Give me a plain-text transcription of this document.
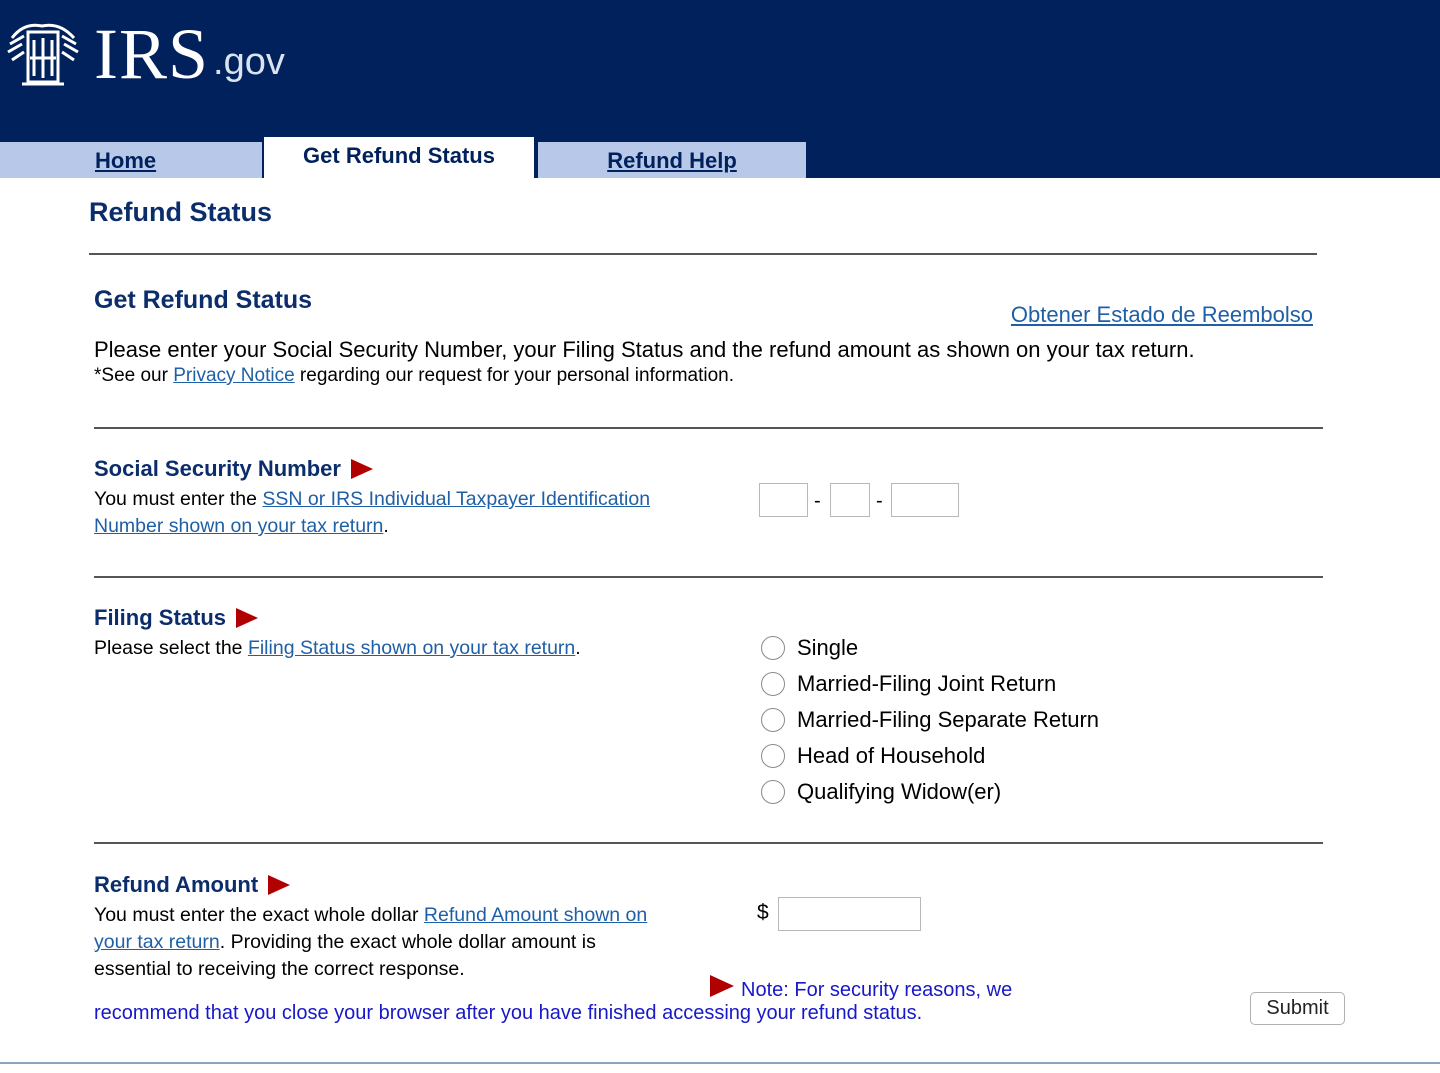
IRS .gov
Home	Get Refund Status	Refund Help
Refund Status
Get Refund Status
Obtener Estado de Reembolso
Please enter your Social Security Number, your Filing Status and the refund amount as shown on your tax return.
*See our Privacy Notice regarding our request for your personal information.
Social Security Number
You must enter the SSN or IRS Individual Taxpayer Identification
Number shown on your tax return.
-	-
Filing Status
Please select the Filing Status shown on your tax return.	Single
Married-Filing Joint Return
Married-Filing Separate Return
Head of Household
Qualifying Widow(er)
Refund Amount
You must enter the exact whole dollar Refund Amount shown on
your tax return. Providing the exact whole dollar amount is
essential to receiving the correct response.
$
Note: For security reasons, we
recommend that you close your browser after you have finished accessing your refund status.	Submit
